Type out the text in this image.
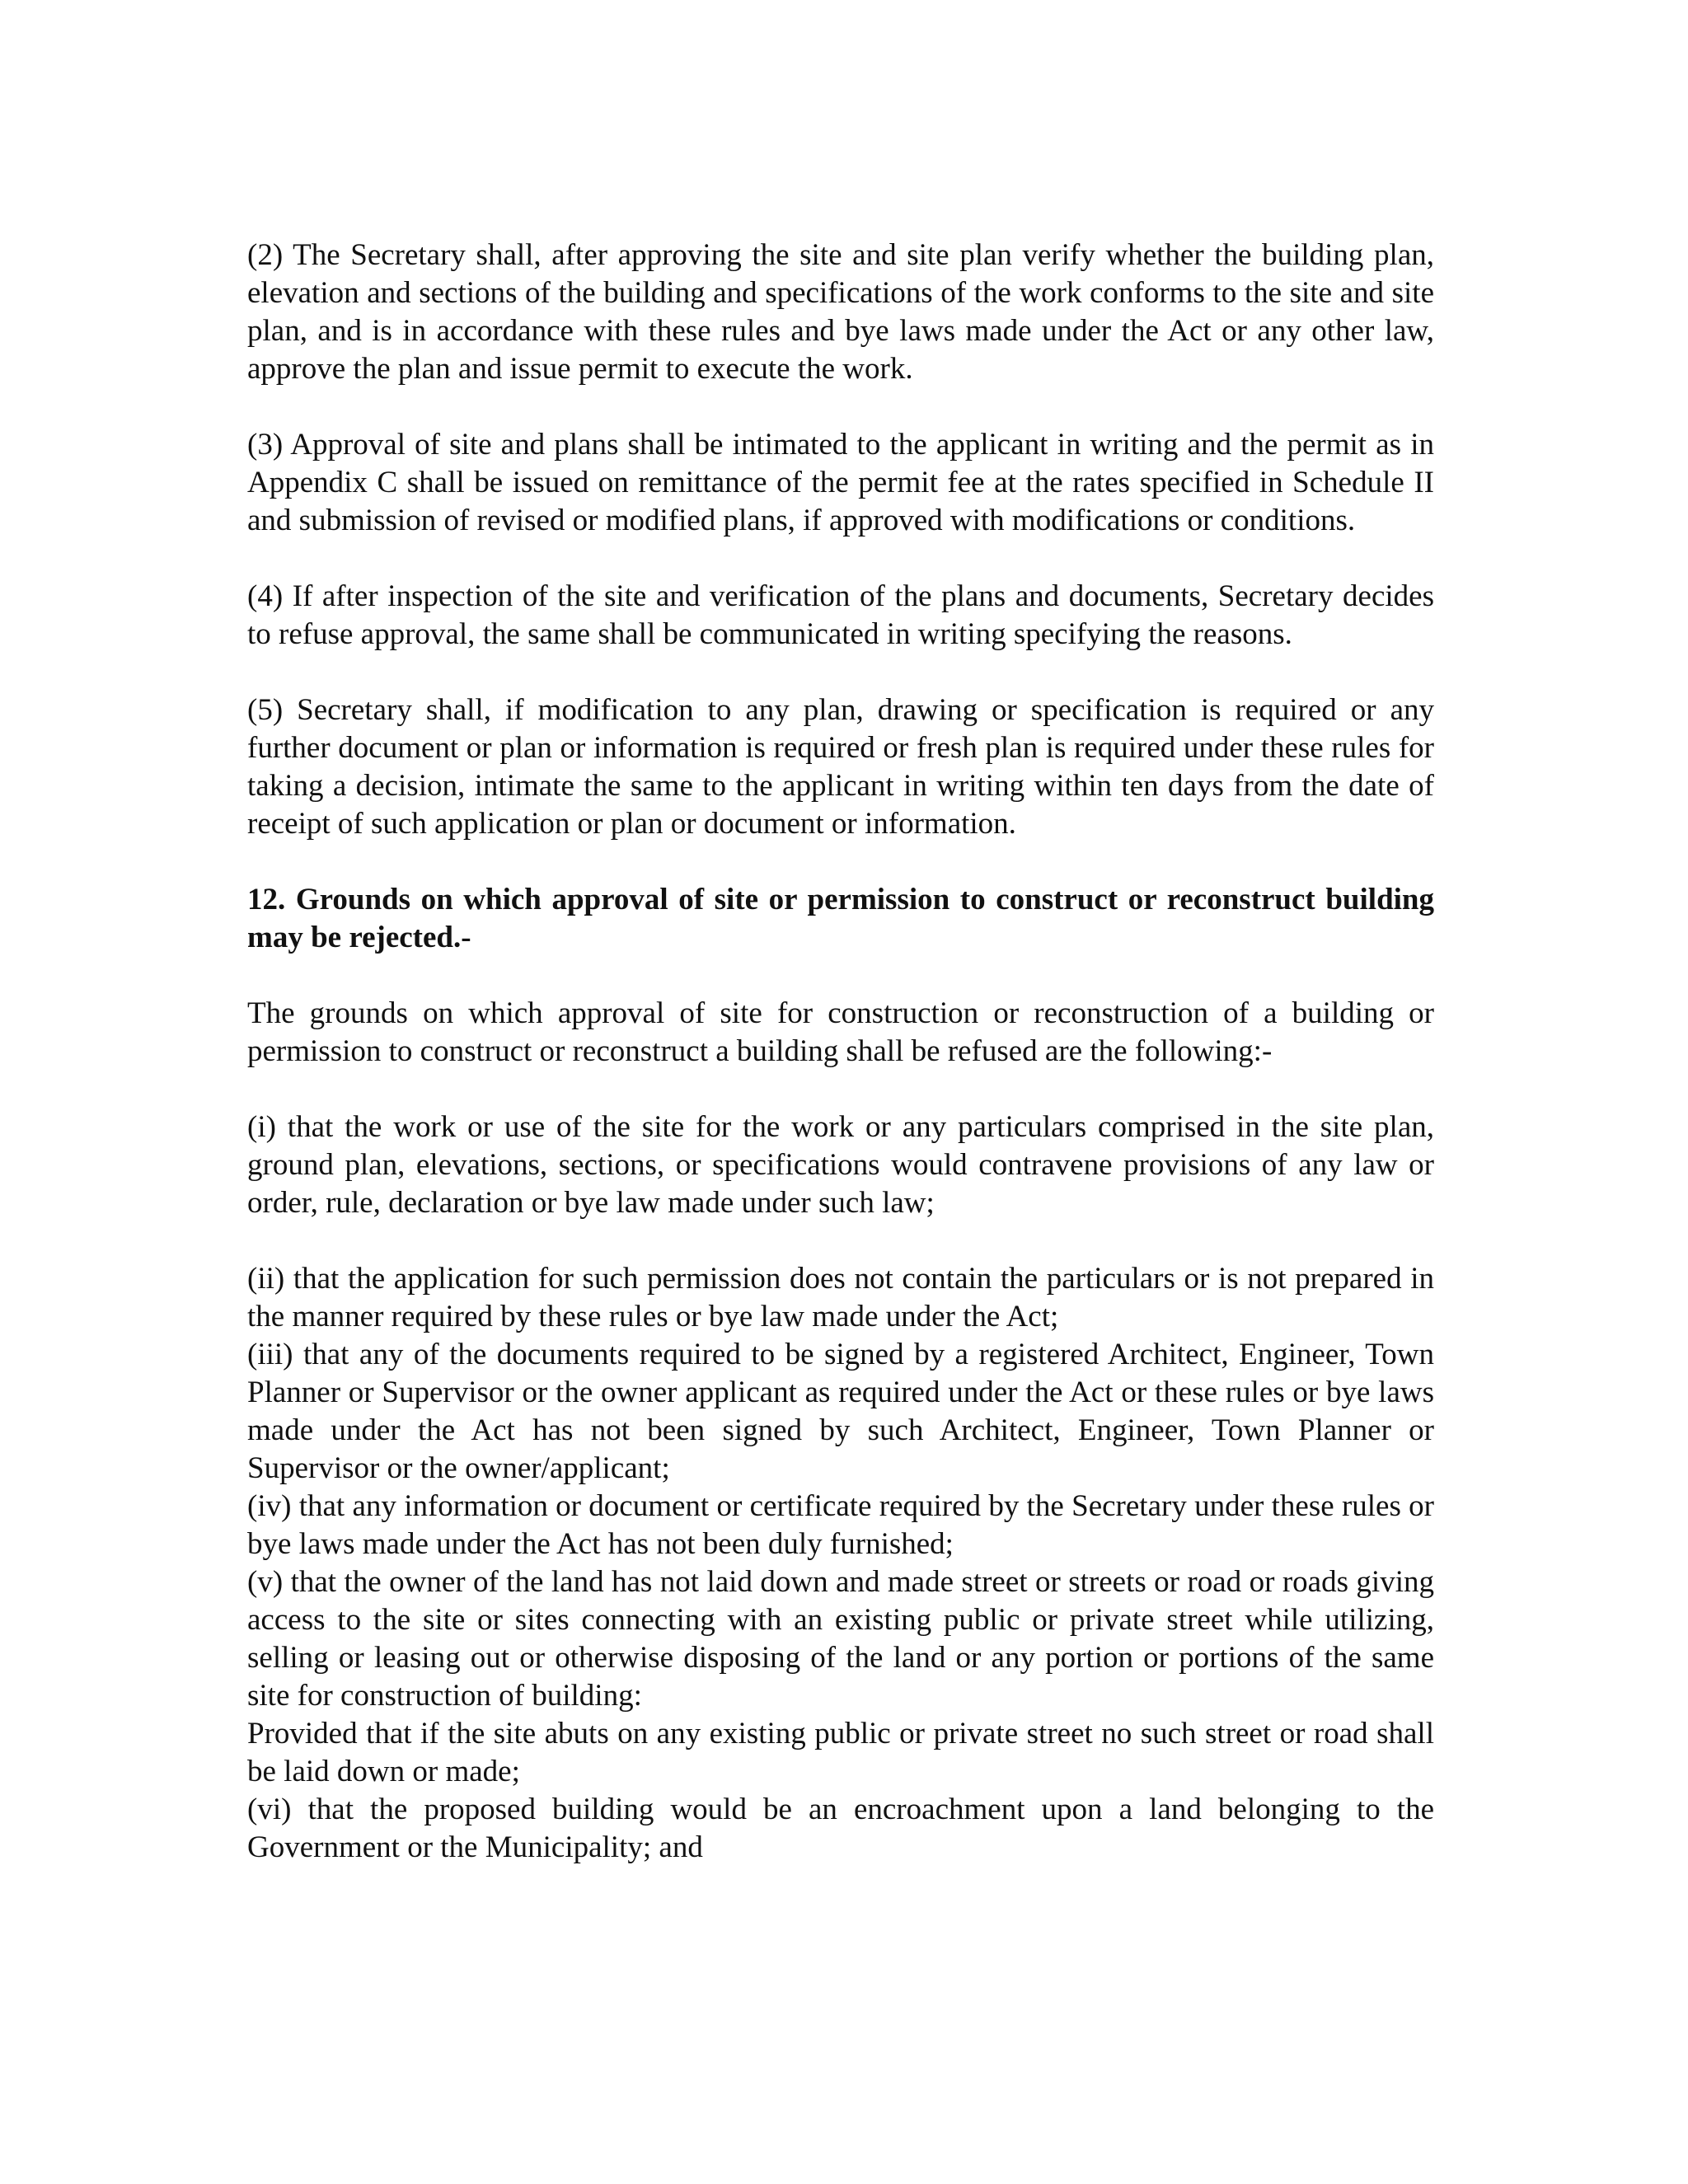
(2) The Secretary shall, after approving the site and site plan verify whether the building plan, elevation and sections of the building and specifications of the work conforms to the site and site plan, and is in accordance with these rules and bye laws made under the Act or any other law, approve the plan and issue permit to execute the work.

(3) Approval of site and plans shall be intimated to the applicant in writing and the permit as in Appendix C shall be issued on remittance of the permit fee at the rates specified in Schedule II and submission of revised or modified plans, if approved with modifications or conditions.

(4) If after inspection of the site and verification of the plans and documents, Secretary decides to refuse approval, the same shall be communicated in writing specifying the reasons.

(5) Secretary shall, if modification to any plan, drawing or specification is required or any further document or plan or information is required or fresh plan is required under these rules for taking a decision, intimate the same to the applicant in writing within ten days from the date of receipt of such application or plan or document or information.

12. Grounds on which approval of site or permission to construct or reconstruct building may be rejected.-

The grounds on which approval of site for construction or reconstruction of a building or permission to construct or reconstruct a building shall be refused are the following:-

(i) that the work or use of the site for the work or any particulars comprised in the site plan, ground plan, elevations, sections, or specifications would contravene provisions of any law or order, rule, declaration or bye law made under such law;

(ii) that the application for such permission does not contain the particulars or is not prepared in the manner required by these rules or bye law made under the Act;

(iii) that any of the documents required to be signed by a registered Architect, Engineer, Town Planner or Supervisor or the owner applicant as required under the Act or these rules or bye laws made under the Act has not been signed by such Architect, Engineer, Town Planner or Supervisor or the owner/applicant;

(iv) that any information or document or certificate required by the Secretary under these rules or bye laws made under the Act has not been duly furnished;

(v) that the owner of the land has not laid down and made street or streets or road or roads giving access to the site or sites connecting with an existing public or private street while utilizing, selling or leasing out or otherwise disposing of the land or any portion or portions of the same site for construction of building:

Provided that if the site abuts on any existing public or private street no such street or road shall be laid down or made;

(vi) that the proposed building would be an encroachment upon a land belonging to the Government or the Municipality; and
